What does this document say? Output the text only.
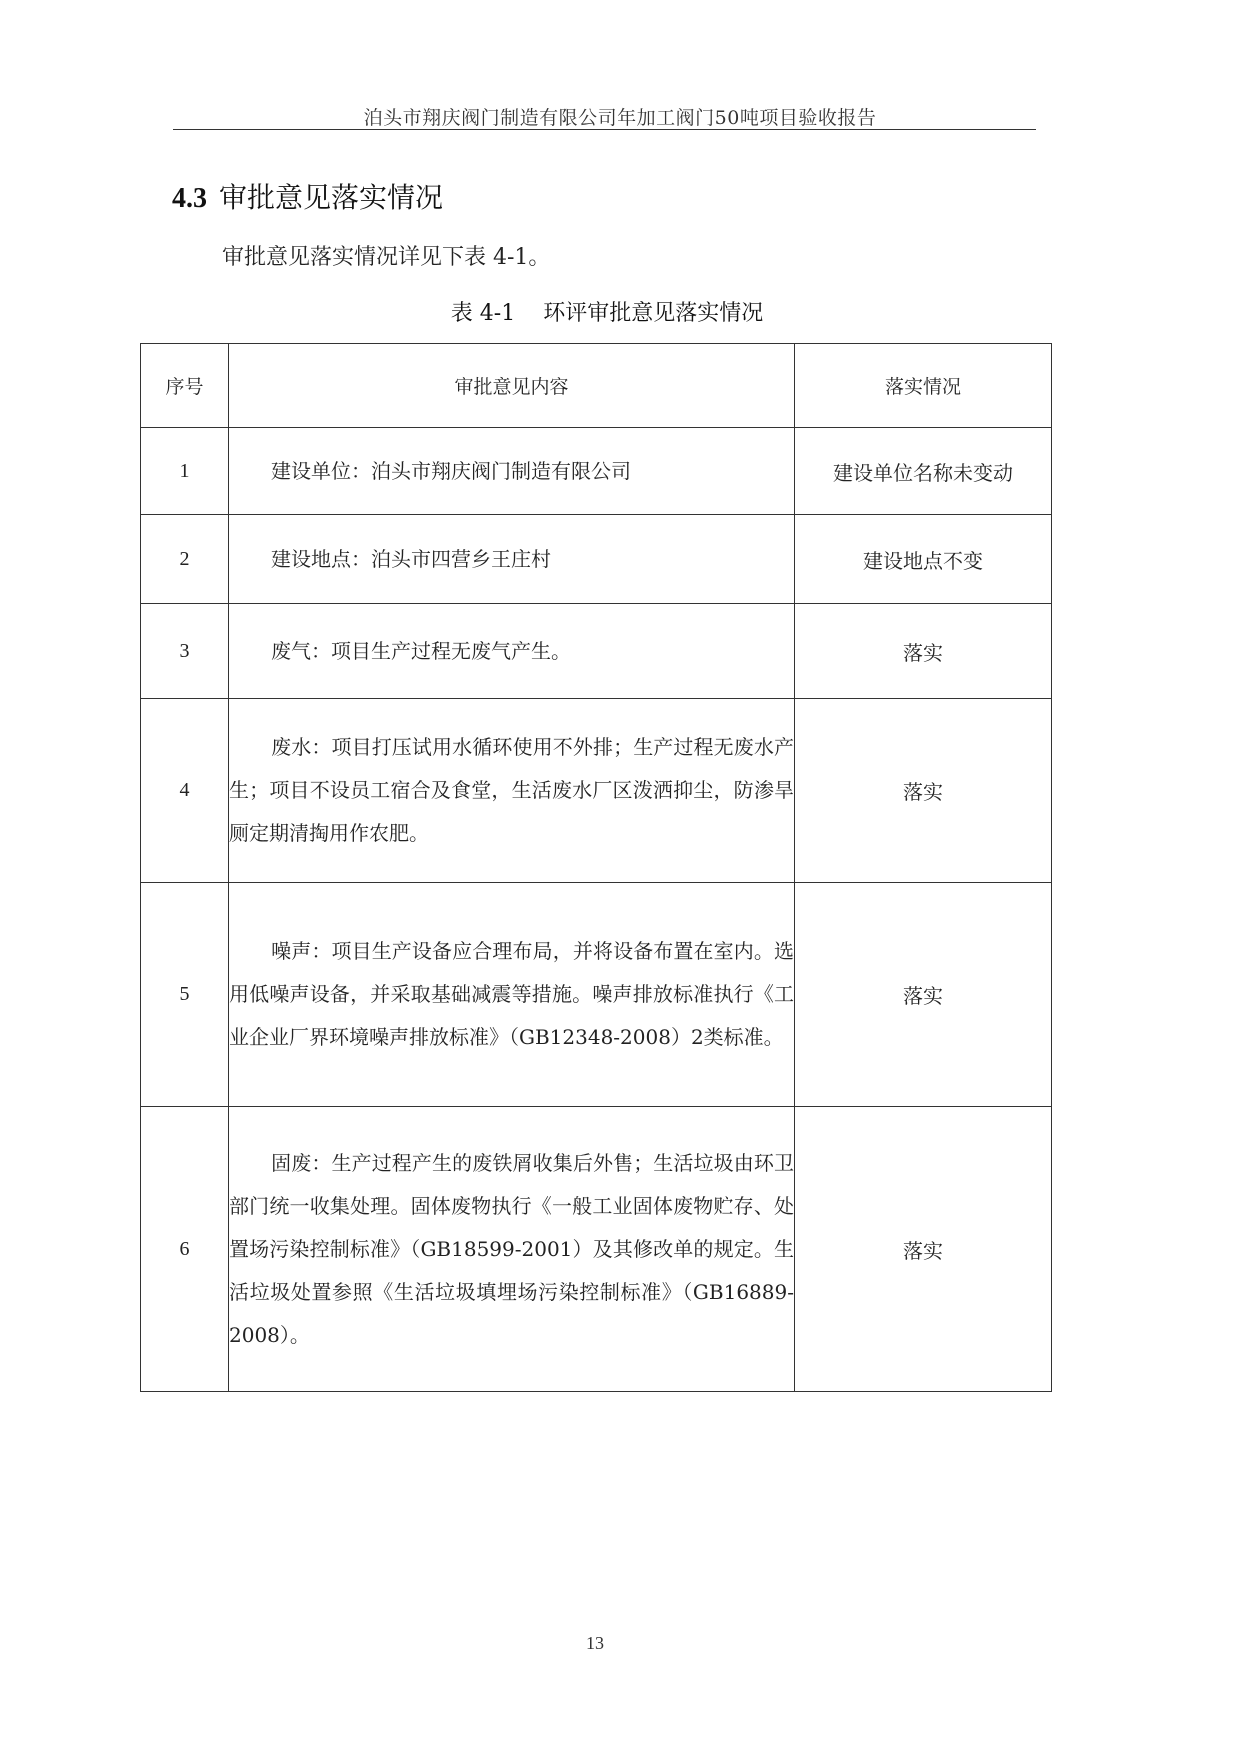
泊头市翔庆阀门制造有限公司年加工阀门50吨项目验收报告
4.3 审批意见落实情况
审批意见落实情况详见下表 4-1。
表 4-1 环评审批意见落实情况
序号	审批意见内容	落实情况
1	建设单位：泊头市翔庆阀门制造有限公司	建设单位名称未变动
2	建设地点：泊头市四营乡王庄村	建设地点不变
3	废气：项目生产过程无废气产生。	落实
4	废水：项目打压试用水循环使用不外排；生产过程无废水产生；项目不设员工宿合及食堂，生活废水厂区泼洒抑尘，防渗旱厕定期清掏用作农肥。	落实
5	噪声：项目生产设备应合理布局，并将设备布置在室内。选用低噪声设备，并采取基础减震等措施。噪声排放标准执行《工业企业厂界环境噪声排放标准》（GB12348-2008）2类标准。	落实
6	固废：生产过程产生的废铁屑收集后外售；生活垃圾由环卫部门统一收集处理。固体废物执行《一般工业固体废物贮存、处置场污染控制标准》（GB18599-2001）及其修改单的规定。生活垃圾处置参照《生活垃圾填埋场污染控制标准》（GB16889-2008）。	落实
13
